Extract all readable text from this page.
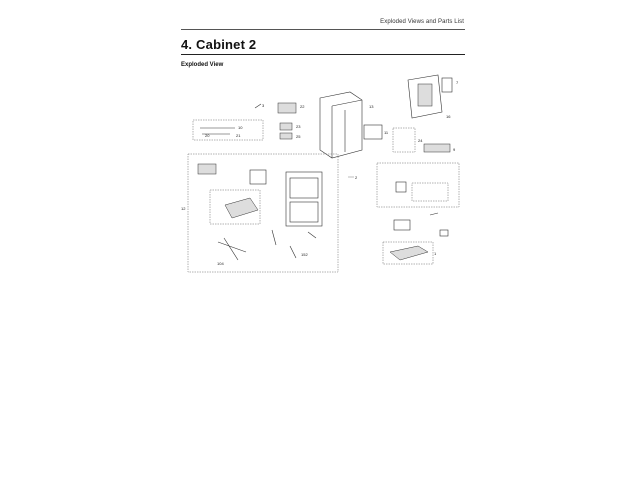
Exploded Views and Parts List
4. Cabinet 2
Exploded View
10
20	21
3	22
23
25
13
11
7
16
24
9
12
104
152
2
1
